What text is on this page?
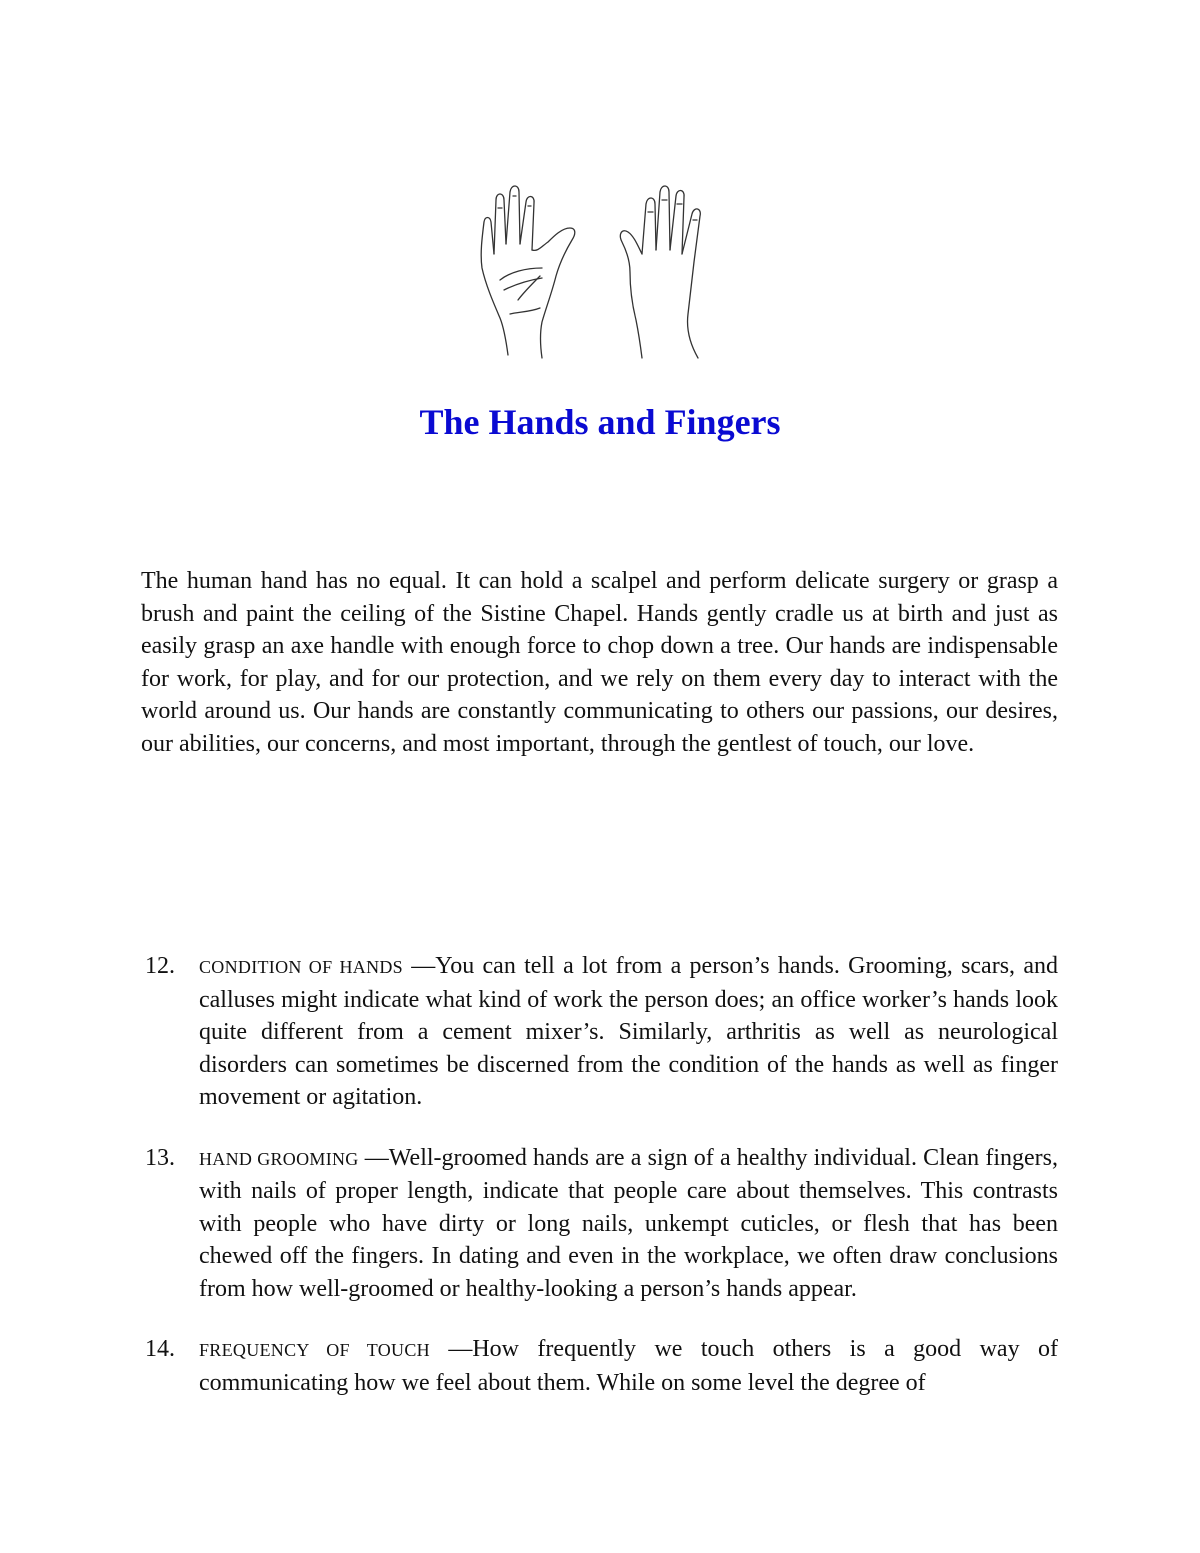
The Hands and Fingers

The human hand has no equal. It can hold a scalpel and perform delicate surgery or grasp a brush and paint the ceiling of the Sistine Chapel. Hands gently cradle us at birth and just as easily grasp an axe handle with enough force to chop down a tree. Our hands are indispensable for work, for play, and for our protection, and we rely on them every day to interact with the world around us. Our hands are constantly communicating to others our passions, our desires, our abilities, our concerns, and most important, through the gentlest of touch, our love.

12. CONDITION OF HANDS —You can tell a lot from a person’s hands. Grooming, scars, and calluses might indicate what kind of work the person does; an office worker’s hands look quite different from a cement mixer’s. Similarly, arthritis as well as neurological disorders can sometimes be discerned from the condition of the hands as well as finger movement or agitation.

13. HAND GROOMING —Well-groomed hands are a sign of a healthy individual. Clean fingers, with nails of proper length, indicate that people care about themselves. This contrasts with people who have dirty or long nails, unkempt cuticles, or flesh that has been chewed off the fingers. In dating and even in the workplace, we often draw conclusions from how well-groomed or healthy-looking a person’s hands appear.

14. FREQUENCY OF TOUCH —How frequently we touch others is a good way of communicating how we feel about them. While on some level the degree of
